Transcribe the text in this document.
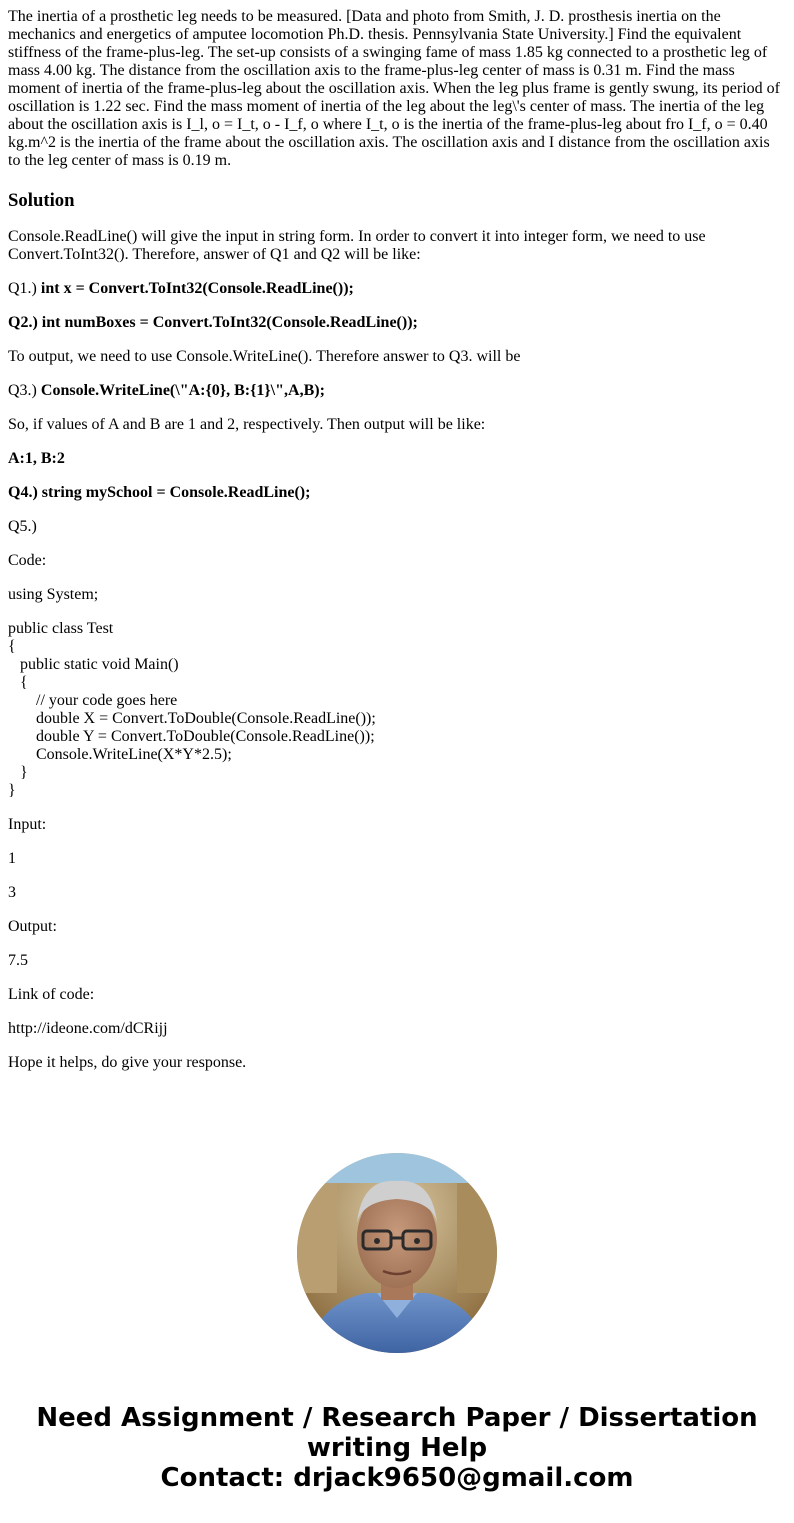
The inertia of a prosthetic leg needs to be measured. [Data and photo from Smith, J. D. prosthesis inertia on the mechanics and energetics of amputee locomotion Ph.D. thesis. Pennsylvania State University.] Find the equivalent stiffness of the frame-plus-leg. The set-up consists of a swinging fame of mass 1.85 kg connected to a prosthetic leg of mass 4.00 kg. The distance from the oscillation axis to the frame-plus-leg center of mass is 0.31 m. Find the mass moment of inertia of the frame-plus-leg about the oscillation axis. When the leg plus frame is gently swung, its period of oscillation is 1.22 sec. Find the mass moment of inertia of the leg about the leg\'s center of mass. The inertia of the leg about the oscillation axis is I_l, o = I_t, o - I_f, o where I_t, o is the inertia of the frame-plus-leg about fro I_f, o = 0.40 kg.m^2 is the inertia of the frame about the oscillation axis. The oscillation axis and I distance from the oscillation axis to the leg center of mass is 0.19 m.

Solution

Console.ReadLine() will give the input in string form. In order to convert it into integer form, we need to use Convert.ToInt32(). Therefore, answer of Q1 and Q2 will be like:

Q1.) int x = Convert.ToInt32(Console.ReadLine());

Q2.) int numBoxes = Convert.ToInt32(Console.ReadLine());

To output, we need to use Console.WriteLine(). Therefore answer to Q3. will be

Q3.) Console.WriteLine(\"A:{0}, B:{1}\",A,B);

So, if values of A and B are 1 and 2, respectively. Then output will be like:

A:1, B:2

Q4.) string mySchool = Console.ReadLine();

Q5.)

Code:

using System;

public class Test
{
public static void Main()
{
// your code goes here
double X = Convert.ToDouble(Console.ReadLine());
double Y = Convert.ToDouble(Console.ReadLine());
Console.WriteLine(X*Y*2.5);
}
}

Input:

1

3

Output:

7.5

Link of code:

http://ideone.com/dCRijj

Hope it helps, do give your response.

Need Assignment / Research Paper / Dissertation
writing Help
Contact: drjack9650@gmail.com
